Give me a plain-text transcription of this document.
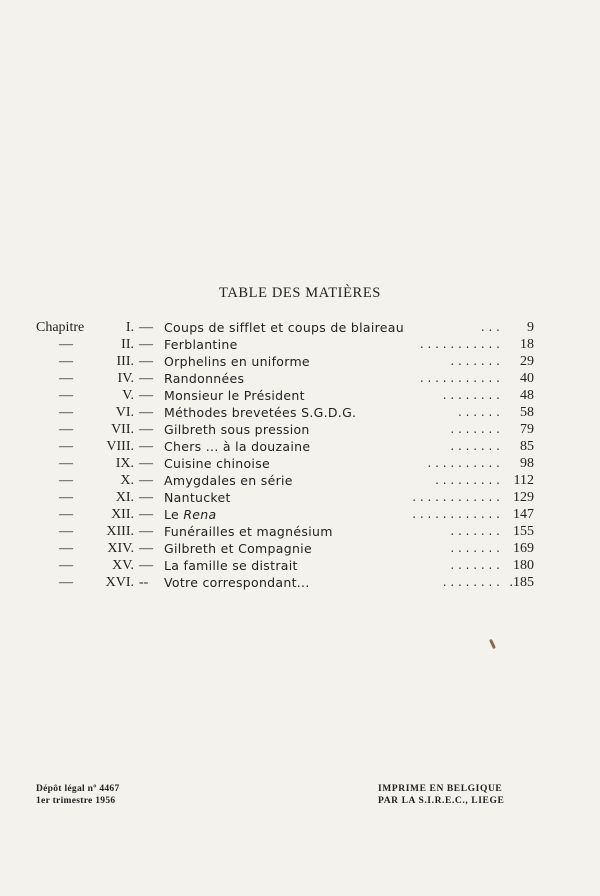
TABLE DES MATIÈRES
Chapitre	I. — Coups de sifflet et coups de blaireau	. . .	9
—	II. — Ferblantine	. . . . . . . . . . .	18
—	III. — Orphelins en uniforme	. . . . . . .	29
—	IV. — Randonnées	. . . . . . . . . . .	40
—	V. — Monsieur le Président	. . . . . . . .	48
—	VI. — Méthodes brevetées S.G.D.G.	. . . . . .	58
—	VII. — Gilbreth sous pression	. . . . . . .	79
—	VIII. — Chers ... à la douzaine	. . . . . . .	85
—	IX. — Cuisine chinoise	. . . . . . . . . .	98
—	X. — Amygdales en série	. . . . . . . . . 112
—	XI. — Nantucket	. . . . . . . . . . . . 129
—	XII. — Le Rena	. . . . . . . . . . . . 147
—	XIII. — Funérailles et magnésium	. . . . . . . 155
—	XIV. — Gilbreth et Compagnie	. . . . . . . 169
—	XV. — La famille se distrait	. . . . . . . 180
—	XVI. -- Votre correspondant...	. . . . . . . . .185
Dépôt légal nº 4467
1er trimestre 1956
IMPRIME EN BELGIQUE
PAR LA S.I.R.E.C., LIEGE
